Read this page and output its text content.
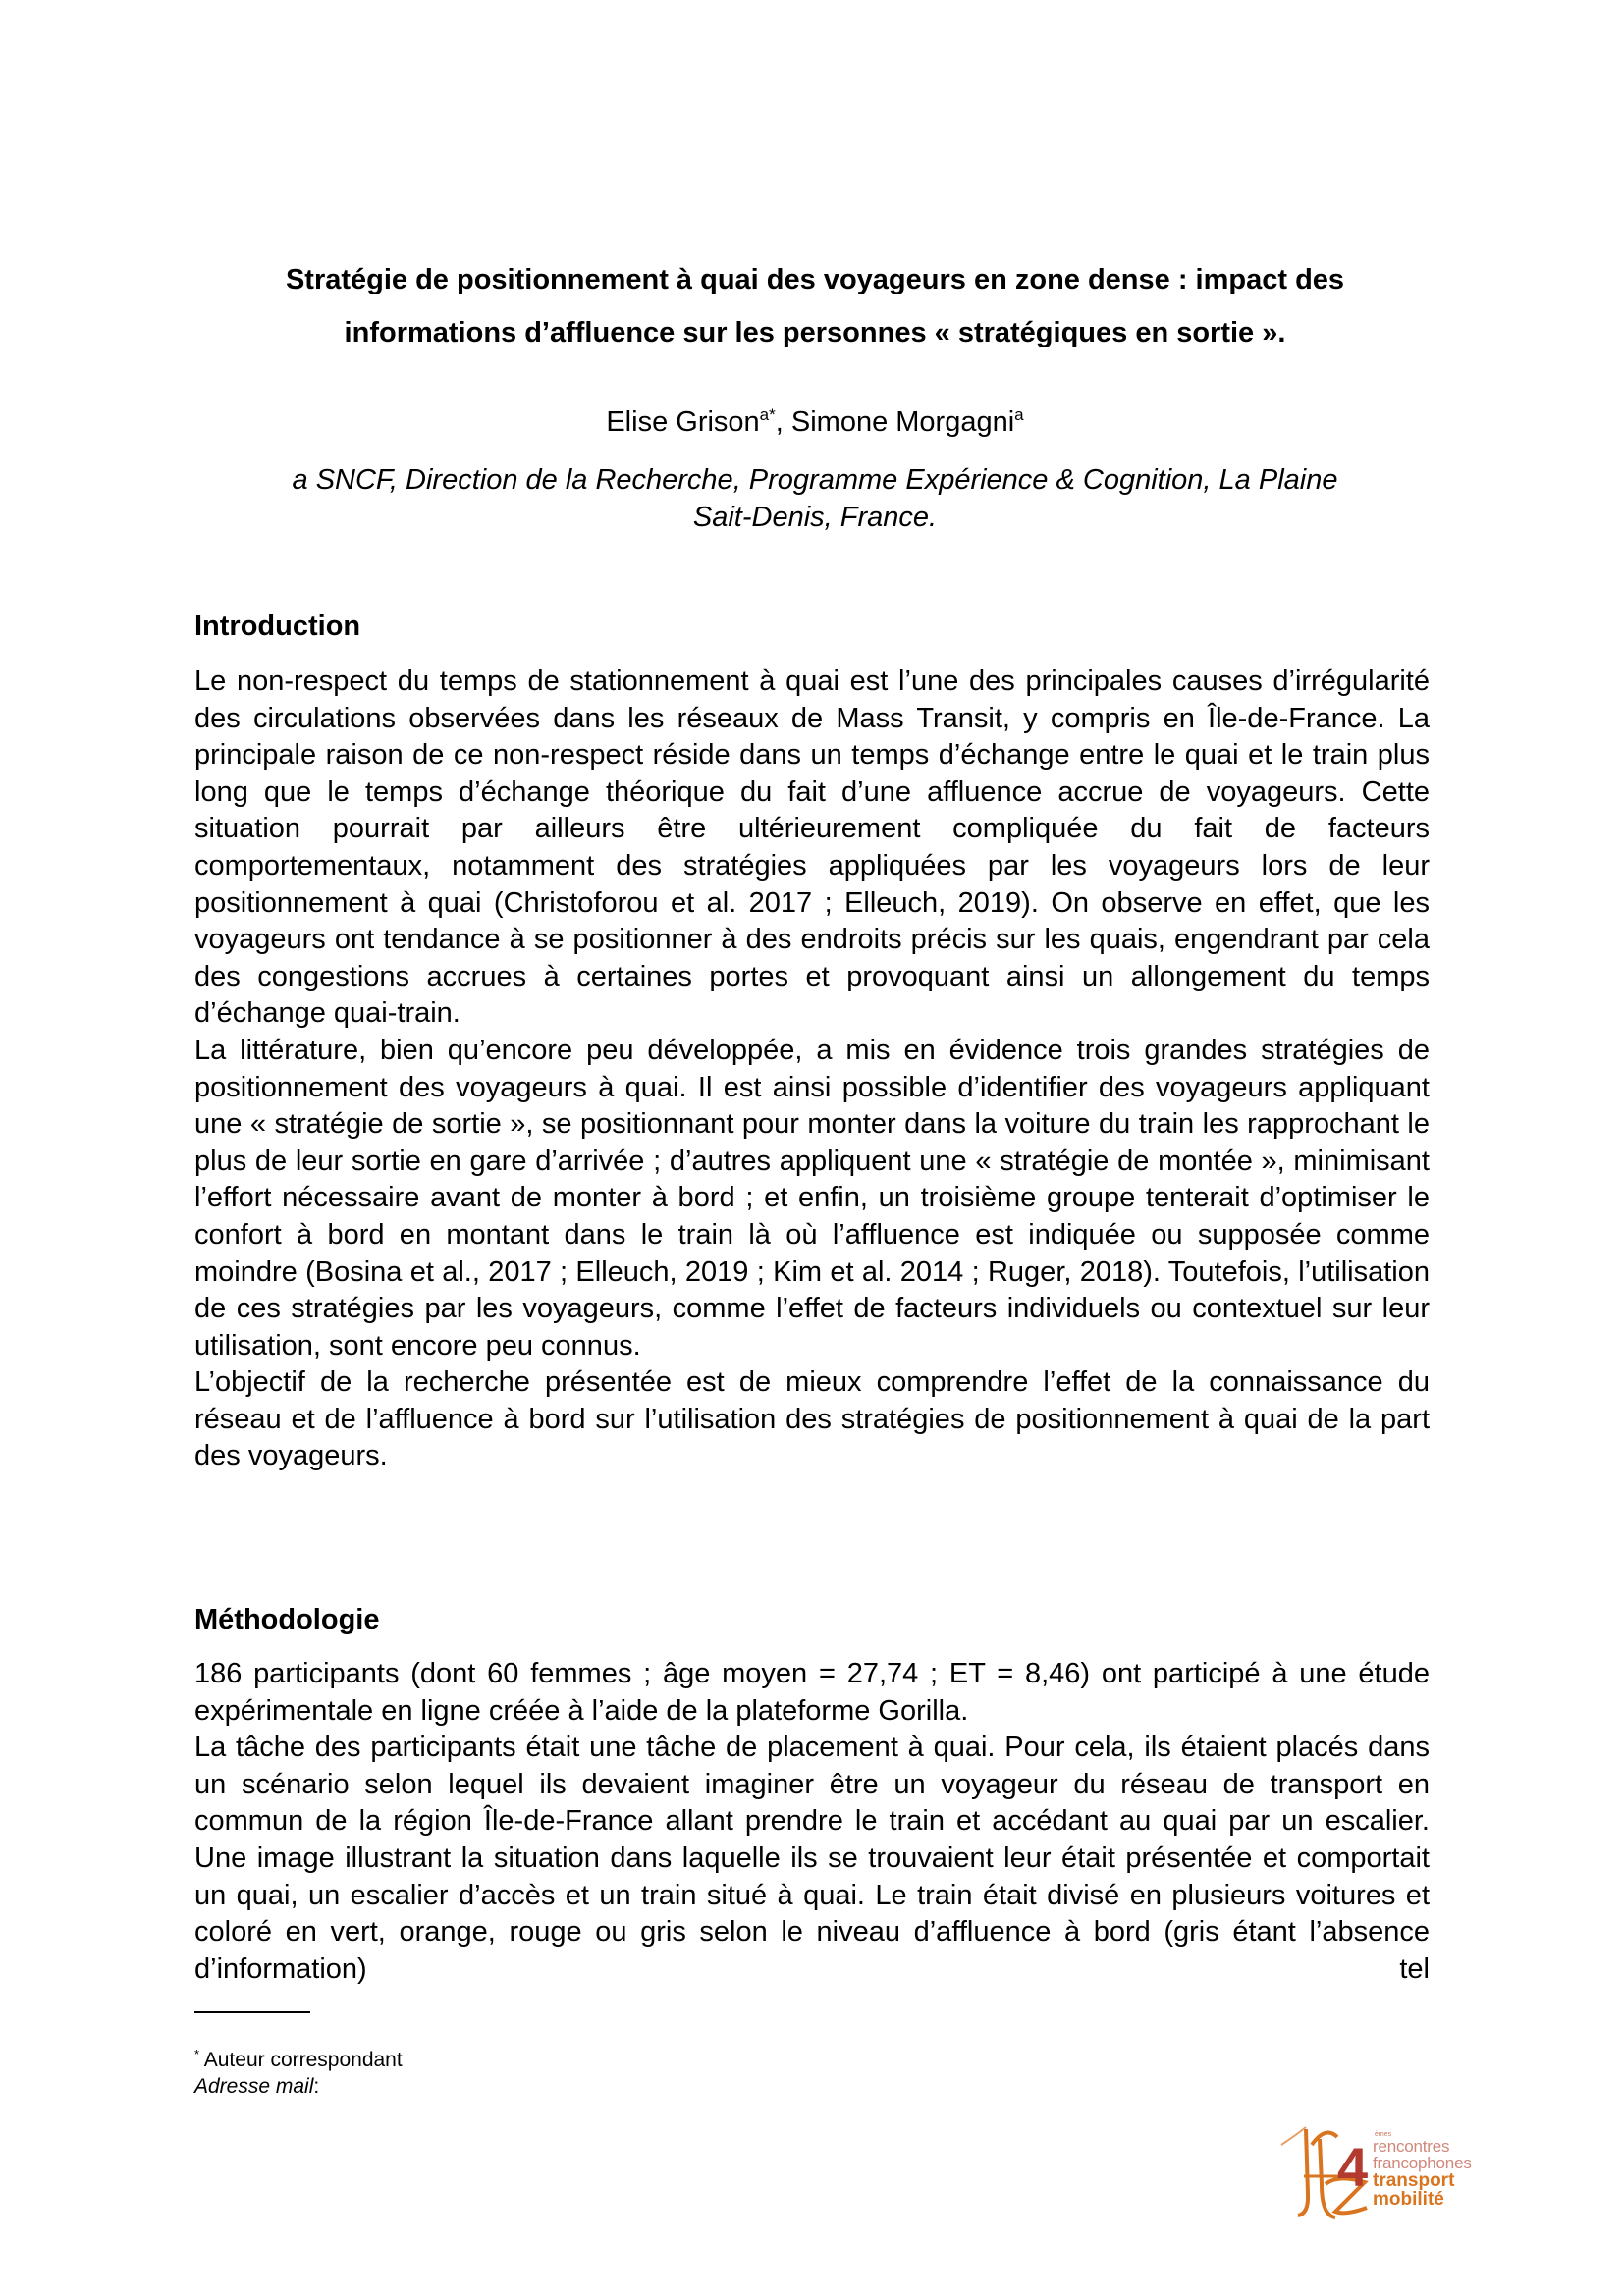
Stratégie de positionnement à quai des voyageurs en zone dense : impact des
informations d’affluence sur les personnes « stratégiques en sortie ».
Elise Grison$^{a*}$, Simone Morgagni$^a$
a SNCF, Direction de la Recherche, Programme Expérience & Cognition, La Plaine
Sait-Denis, France.
Introduction

Le non-respect du temps de stationnement à quai est l’une des principales causes d’irrégularité des circulations observées dans les réseaux de Mass Transit, y compris en Île-de-France. La principale raison de ce non-respect réside dans un temps d’échange entre le quai et le train plus long que le temps d’échange théorique du fait d’une affluence accrue de voyageurs. Cette situation pourrait par ailleurs être ultérieurement compliquée du fait de facteurs comportementaux, notamment des stratégies appliquées par les voyageurs lors de leur positionnement à quai (Christoforou et al. 2017 ; Elleuch, 2019). On observe en effet, que les voyageurs ont tendance à se positionner à des endroits précis sur les quais, engendrant par cela des congestions accrues à certaines portes et provoquant ainsi un allongement du temps d’échange quai-train.

La littérature, bien qu’encore peu développée, a mis en évidence trois grandes stratégies de positionnement des voyageurs à quai. Il est ainsi possible d’identifier des voyageurs appliquant une « stratégie de sortie », se positionnant pour monter dans la voiture du train les rapprochant le plus de leur sortie en gare d’arrivée ; d’autres appliquent une « stratégie de montée », minimisant l’effort nécessaire avant de monter à bord ; et enfin, un troisième groupe tenterait d’optimiser le confort à bord en montant dans le train là où l’affluence est indiquée ou supposée comme moindre (Bosina et al., 2017 ; Elleuch, 2019 ; Kim et al. 2014 ; Ruger, 2018). Toutefois, l’utilisation de ces stratégies par les voyageurs, comme l’effet de facteurs individuels ou contextuel sur leur utilisation, sont encore peu connus.

L’objectif de la recherche présentée est de mieux comprendre l’effet de la connaissance du réseau et de l’affluence à bord sur l’utilisation des stratégies de positionnement à quai de la part des voyageurs.

Méthodologie

186 participants (dont 60 femmes ; âge moyen = 27,74 ; ET = 8,46) ont participé à une étude expérimentale en ligne créée à l’aide de la plateforme Gorilla.

La tâche des participants était une tâche de placement à quai. Pour cela, ils étaient placés dans un scénario selon lequel ils devaient imaginer être un voyageur du réseau de transport en commun de la région Île-de-France allant prendre le train et accédant au quai par un escalier. Une image illustrant la situation dans laquelle ils se trouvaient leur était présentée et comportait un quai, un escalier d’accès et un train situé à quai. Le train était divisé en plusieurs voitures et coloré en vert, orange, rouge ou gris selon le niveau d’affluence à bord (gris étant l’absence d’information) tel

* Auteur correspondant
Adresse mail:
4
èmes
rencontres
francophones
transport
mobilité
